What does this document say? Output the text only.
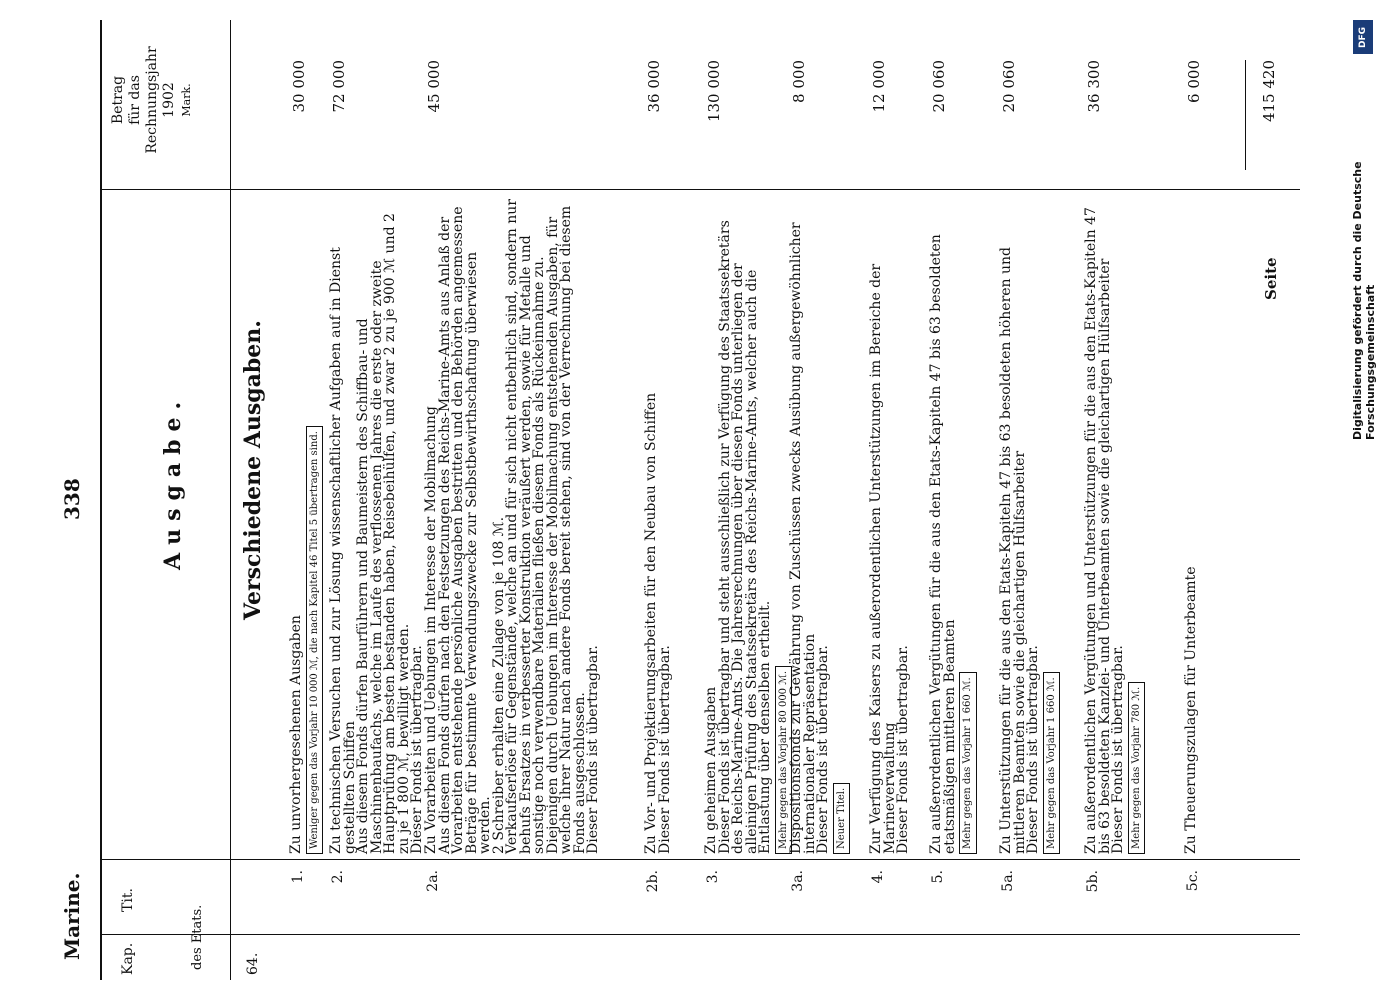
Marine.
338	Ausgabe.
Kap.
Tit.
des Etats.
Betrag für das Rechnungsjahr 1902 Mark.
64.
Verschiedene Ausgaben.
1.
Zu unvorhergesehenen Ausgaben Weniger gegen das Vorjahr 10 000 ℳ, die nach Kapitel 46 Titel 5 übertragen sind.
30 000
2.
Zu technischen Versuchen und zur Lösung wissenschaftlicher Aufgaben auf in Dienst gestellten Schiffen
Aus diesem Fonds dürfen Baurführern und Baumeistern des Schiffbau- und Maschinenbaufachs, welche im Laufe des verflossenen Jahres die erste oder zweite Hauptprüfung am besten bestanden haben, Reisebeihülfen, und zwar 2 zu je 900 ℳ und 2 zu je 1 800 ℳ, bewilligt werden.
Dieser Fonds ist übertragbar.
72 000
2a.
Zu Vorarbeiten und Uebungen im Interesse der Mobilmachung
Aus diesem Fonds dürfen nach den Festsetzungen des Reichs-Marine-Amts aus Anlaß der Vorarbeiten entstehende persönliche Ausgaben bestritten und den Behörden angemessene Beträge für bestimmte Verwendungszwecke zur Selbstbewirthschaftung überwiesen werden.
2 Schreiber erhalten eine Zulage von je 108 ℳ.
Verkaufserlöse für Gegenstände, welche an und für sich nicht entbehrlich sind, sondern nur behufs Ersatzes in verbesserter Konstruktion veräußert werden, sowie für Metalle und sonstige noch verwendbare Materialien fließen diesem Fonds als Rückeinnahme zu.
Diejenigen durch Uebungen im Interesse der Mobilmachung entstehenden Ausgaben, für welche ihrer Natur nach andere Fonds bereit stehen, sind von der Verrechnung bei diesem Fonds ausgeschlossen.
Dieser Fonds ist übertragbar.
45 000
2b.
Zu Vor- und Projektierungsarbeiten für den Neubau von Schiffen
Dieser Fonds ist übertragbar.
36 000
3.
Zu geheimen Ausgaben
Dieser Fonds ist übertragbar und steht ausschließlich zur Verfügung des Staatssekretärs des Reichs-Marine-Amts. Die Jahresrechnungen über diesen Fonds unterliegen der alleinigen Prüfung des Staatssekretärs des Reichs-Marine-Amts, welcher auch die Entlastung über denselben ertheilt.
Mehr gegen das Vorjahr 80 000 ℳ.
130 000
3a.
Dispositionsfonds zur Gewährung von Zuschüssen zwecks Ausübung außergewöhnlicher internationaler Repräsentation
Dieser Fonds ist übertragbar.
Neuer Titel.
8 000
4.
Zur Verfügung des Kaisers zu außerordentlichen Unterstützungen im Bereiche der Marineverwaltung
Dieser Fonds ist übertragbar.
12 000
5.
Zu außerordentlichen Vergütungen für die aus den Etats-Kapiteln 47 bis 63 besoldeten etatsmäßigen mittleren Beamten Mehr gegen das Vorjahr 1 660 ℳ.
20 060
5a.
Zu Unterstützungen für die aus den Etats-Kapiteln 47 bis 63 besoldeten höheren und mittleren Beamten sowie die gleichartigen Hülfsarbeiter
Dieser Fonds ist übertragbar. Mehr gegen das Vorjahr 1 660 ℳ.
20 060
5b.
Zu außerordentlichen Vergütungen und Unterstützungen für die aus den Etats-Kapiteln 47 bis 63 besoldeten Kanzlei- und Unterbeamten sowie die gleichartigen Hülfsarbeiter
Dieser Fonds ist übertragbar. Mehr gegen das Vorjahr 780 ℳ.
36 300
5c.
Zu Theuerungszulagen für Unterbeamte
6 000
Seite
415 420
DFG
Digitalisierung gefördert durch die Deutsche Forschungsgemeinschaft
